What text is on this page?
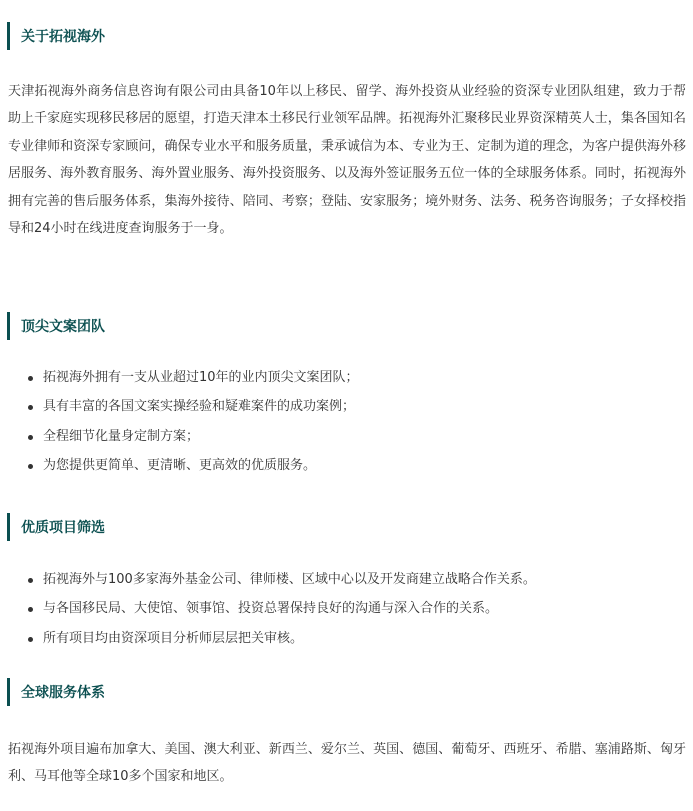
关于拓视海外

天津拓视海外商务信息咨询有限公司由具备10年以上移民、留学、海外投资从业经验的资深专业团队组建，致力于帮助上千家庭实现移民移居的愿望，打造天津本土移民行业领军品牌。拓视海外汇聚移民业界资深精英人士，集各国知名专业律师和资深专家顾问，确保专业水平和服务质量，秉承诚信为本、专业为王、定制为道的理念，为客户提供海外移居服务、海外教育服务、海外置业服务、海外投资服务、以及海外签证服务五位一体的全球服务体系。同时，拓视海外拥有完善的售后服务体系，集海外接待、陪同、考察；登陆、安家服务；境外财务、法务、税务咨询服务；子女择校指导和24小时在线进度查询服务于一身。

顶尖文案团队
拓视海外拥有一支从业超过10年的业内顶尖文案团队；
具有丰富的各国文案实操经验和疑难案件的成功案例；
全程细节化量身定制方案；
为您提供更简单、更清晰、更高效的优质服务。
优质项目筛选
拓视海外与100多家海外基金公司、律师楼、区域中心以及开发商建立战略合作关系。
与各国移民局、大使馆、领事馆、投资总署保持良好的沟通与深入合作的关系。
所有项目均由资深项目分析师层层把关审核。
全球服务体系

拓视海外项目遍布加拿大、美国、澳大利亚、新西兰、爱尔兰、英国、德国、葡萄牙、西班牙、希腊、塞浦路斯、匈牙利、马耳他等全球10多个国家和地区。
